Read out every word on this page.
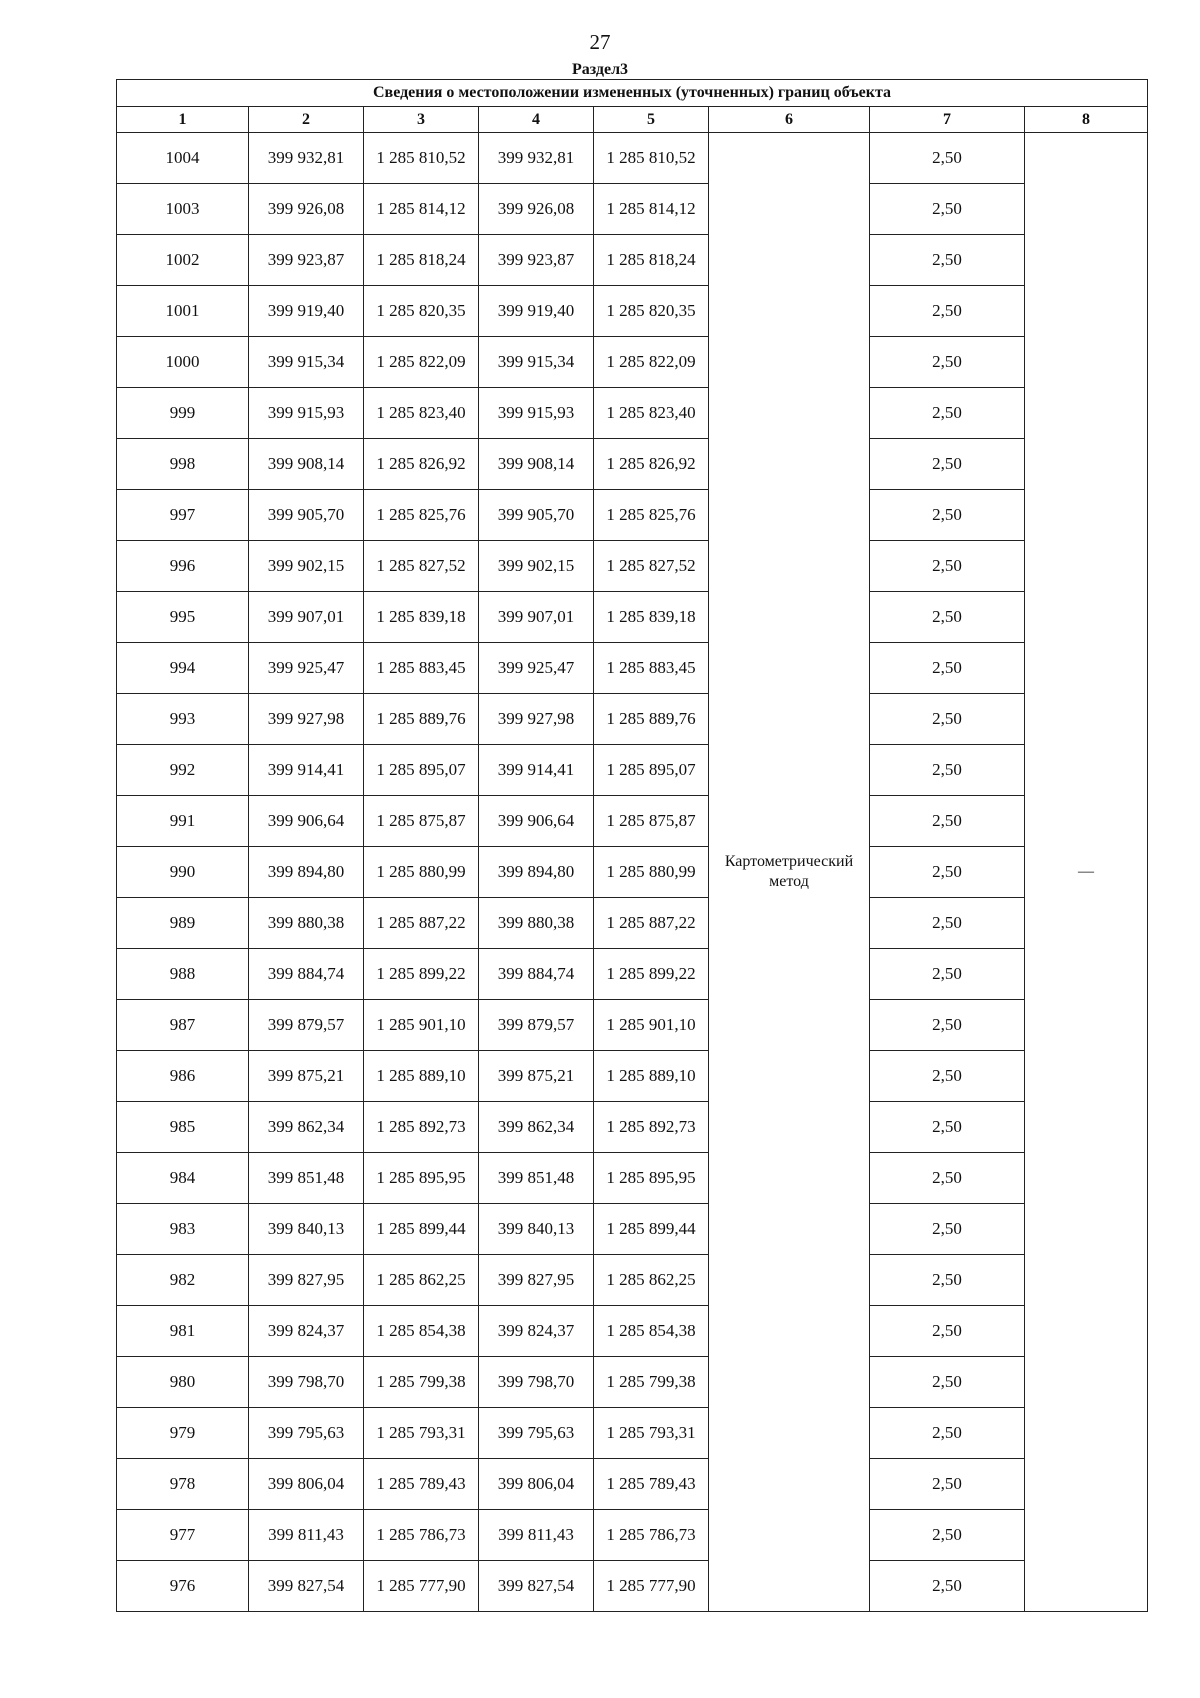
27
Раздел3
Сведения о местоположении измененных (уточненных) границ объекта							
1	2	3	4	5	6	7	8
1004	399 932,81	1 285 810,52	399 932,81	1 285 810,52	Картометрический метод	2,50	—
1003	399 926,08	1 285 814,12	399 926,08	1 285 814,12		2,50	
1002	399 923,87	1 285 818,24	399 923,87	1 285 818,24		2,50	
1001	399 919,40	1 285 820,35	399 919,40	1 285 820,35		2,50	
1000	399 915,34	1 285 822,09	399 915,34	1 285 822,09		2,50	
999	399 915,93	1 285 823,40	399 915,93	1 285 823,40		2,50	
998	399 908,14	1 285 826,92	399 908,14	1 285 826,92		2,50	
997	399 905,70	1 285 825,76	399 905,70	1 285 825,76		2,50	
996	399 902,15	1 285 827,52	399 902,15	1 285 827,52		2,50	
995	399 907,01	1 285 839,18	399 907,01	1 285 839,18		2,50	
994	399 925,47	1 285 883,45	399 925,47	1 285 883,45		2,50	
993	399 927,98	1 285 889,76	399 927,98	1 285 889,76		2,50	
992	399 914,41	1 285 895,07	399 914,41	1 285 895,07		2,50	
991	399 906,64	1 285 875,87	399 906,64	1 285 875,87		2,50	
990	399 894,80	1 285 880,99	399 894,80	1 285 880,99		2,50	
989	399 880,38	1 285 887,22	399 880,38	1 285 887,22		2,50	
988	399 884,74	1 285 899,22	399 884,74	1 285 899,22		2,50	
987	399 879,57	1 285 901,10	399 879,57	1 285 901,10		2,50	
986	399 875,21	1 285 889,10	399 875,21	1 285 889,10		2,50	
985	399 862,34	1 285 892,73	399 862,34	1 285 892,73		2,50	
984	399 851,48	1 285 895,95	399 851,48	1 285 895,95		2,50	
983	399 840,13	1 285 899,44	399 840,13	1 285 899,44		2,50	
982	399 827,95	1 285 862,25	399 827,95	1 285 862,25		2,50	
981	399 824,37	1 285 854,38	399 824,37	1 285 854,38		2,50	
980	399 798,70	1 285 799,38	399 798,70	1 285 799,38		2,50	
979	399 795,63	1 285 793,31	399 795,63	1 285 793,31		2,50	
978	399 806,04	1 285 789,43	399 806,04	1 285 789,43		2,50	
977	399 811,43	1 285 786,73	399 811,43	1 285 786,73		2,50	
976	399 827,54	1 285 777,90	399 827,54	1 285 777,90		2,50	
